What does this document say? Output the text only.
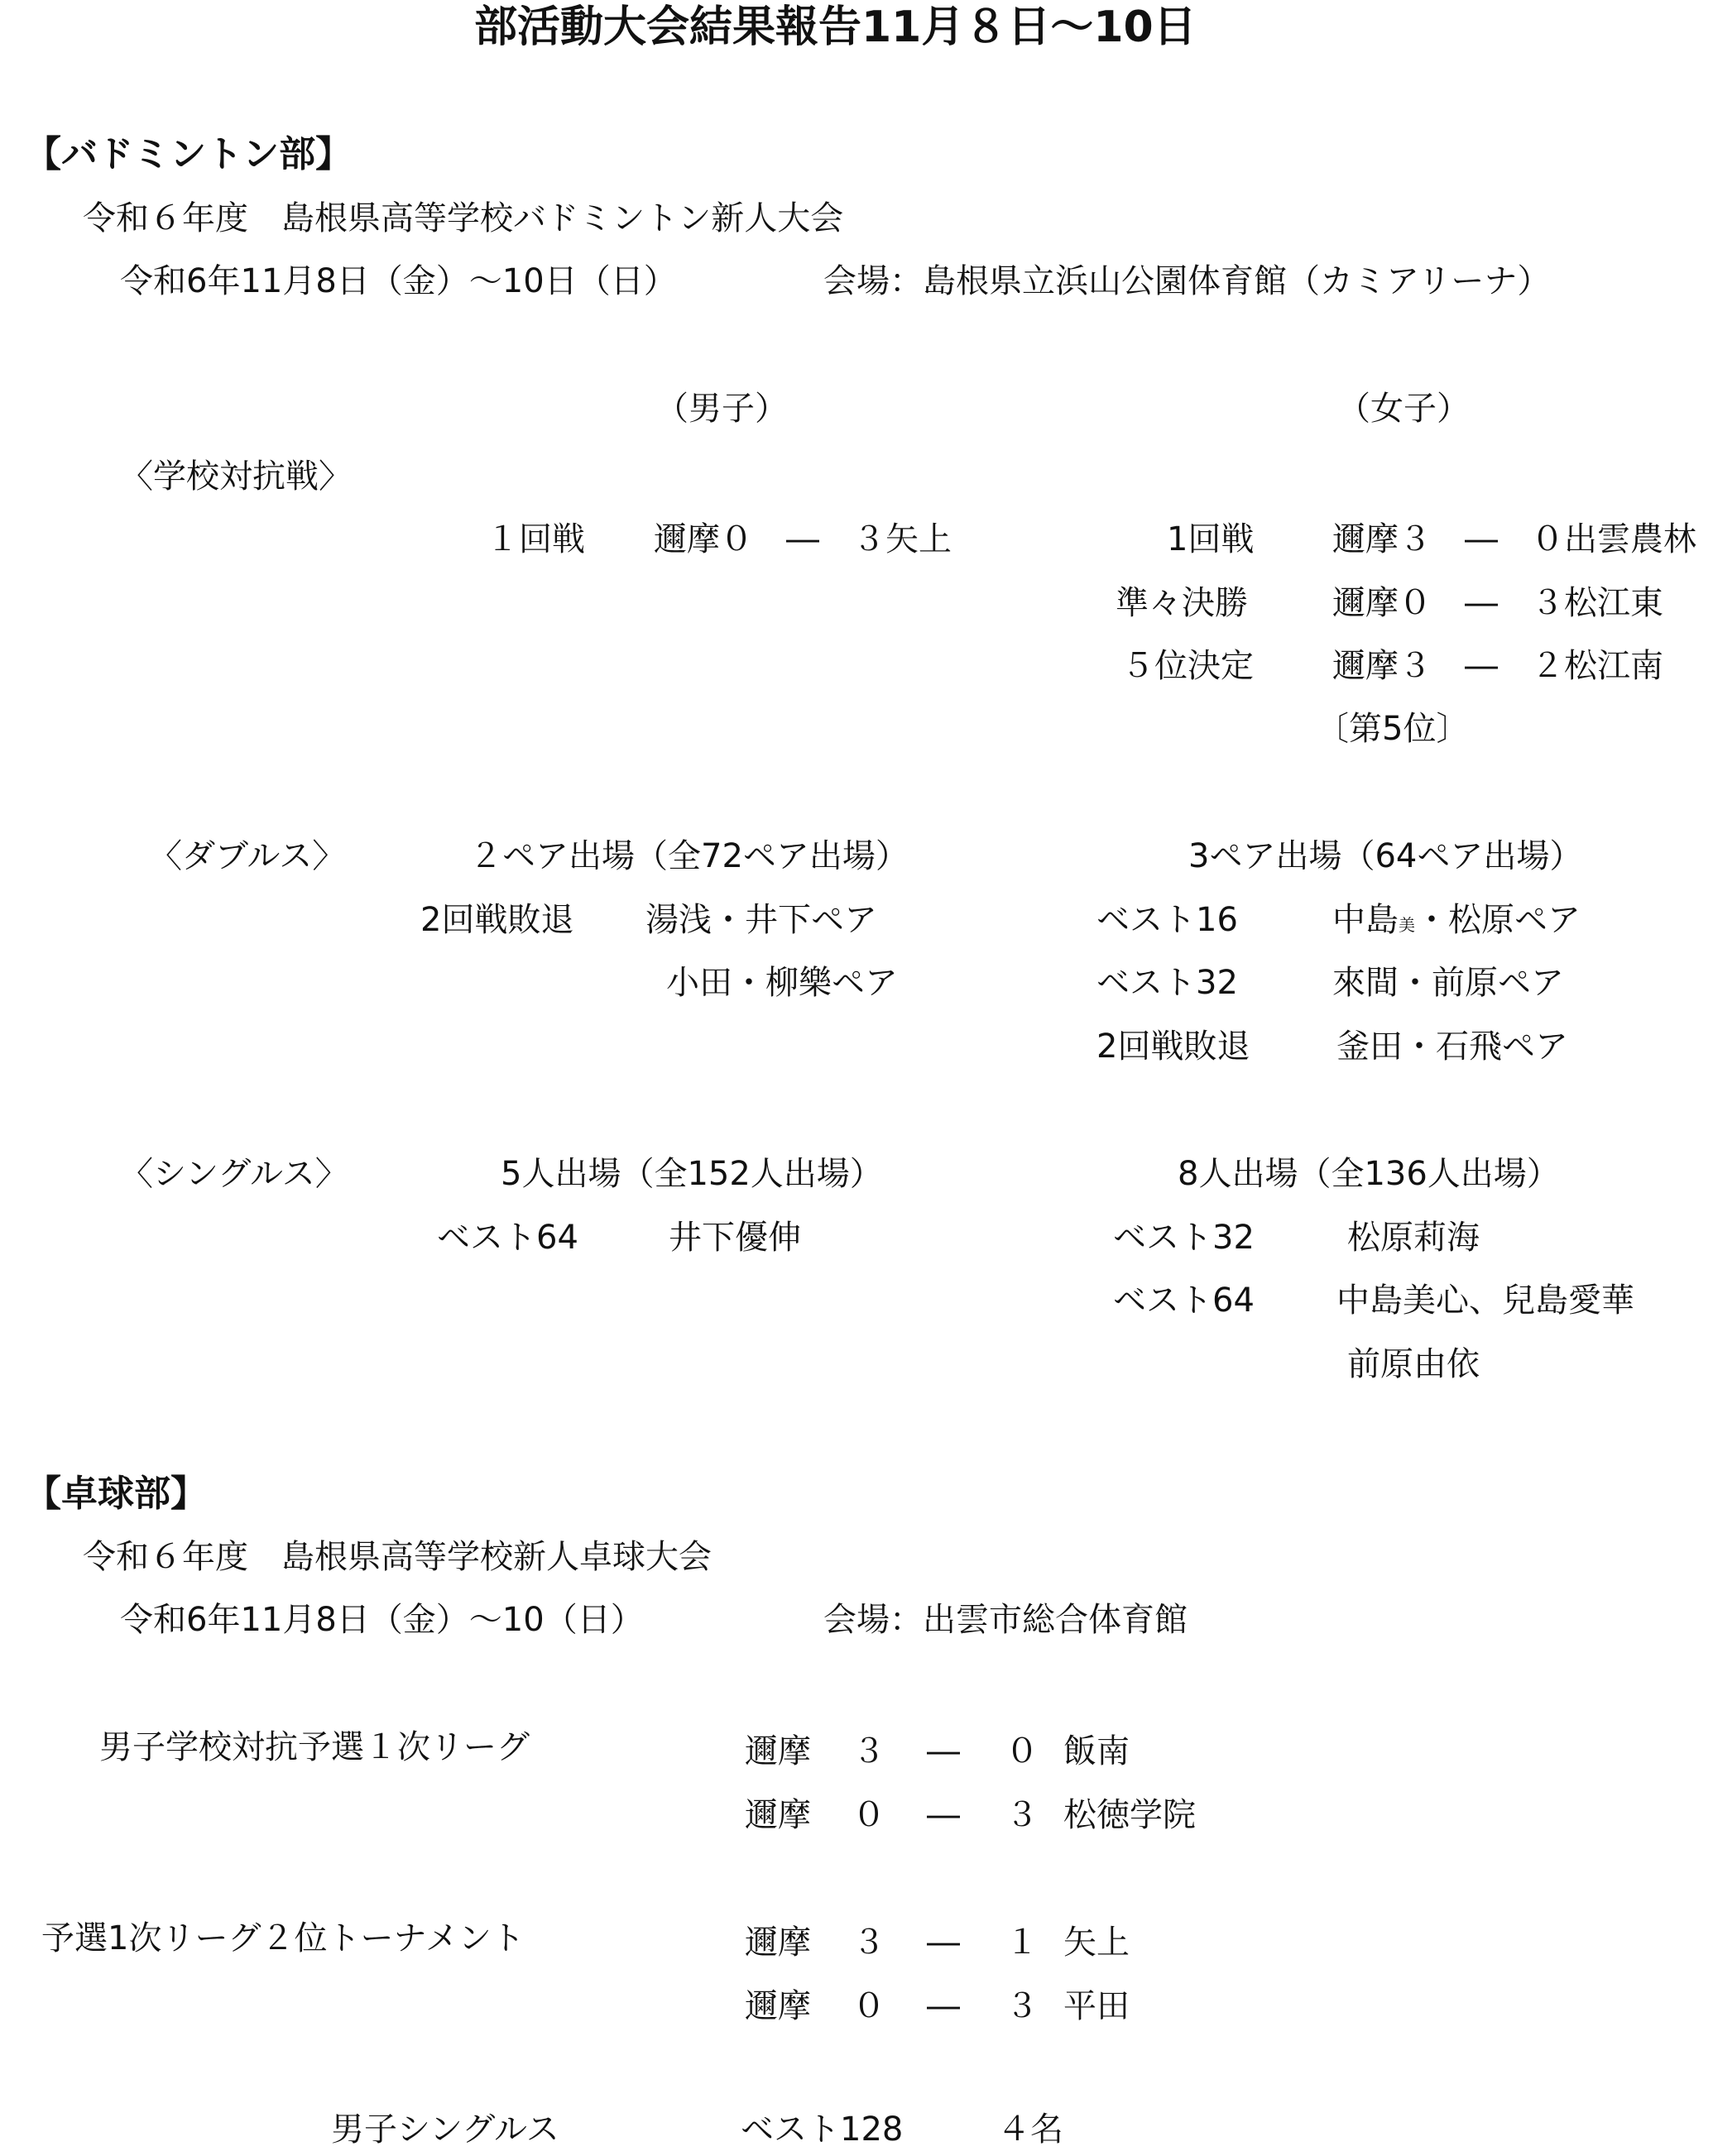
部活動大会結果報告11月８日～10日
【バドミントン部】
令和６年度　島根県高等学校バドミントン新人大会
令和6年11月8日（金）～10日（日）	会場：島根県立浜山公園体育館（カミアリーナ）
（男子）	（女子）
〈学校対抗戦〉
１回戦 邇摩０　―　３矢上	1回戦 邇摩３　―　０出雲農林
準々決勝	邇摩０　―　３松江東
５位決定 邇摩３　―　２松江南
〔第5位〕
〈ダブルス〉	２ペア出場（全72ペア出場）	3ペア出場（64ペア出場）
2回戦敗退 湯浅・井下ペア
小田・柳樂ペア
ベスト16	中島美・松原ペア
ベスト32	來間・前原ペア
2回戦敗退	釜田・石飛ペア
〈シングルス〉	5人出場（全152人出場）	8人出場（全136人出場）
ベスト64	井下優伸	ベスト32	松原莉海
ベスト64 中島美心、兒島愛華
前原由依
【卓球部】
令和６年度　島根県高等学校新人卓球大会
令和6年11月8日（金）～10（日）	会場：出雲市総合体育館
男子学校対抗予選１次リーグ	邇摩 ３ ― ０ 飯南
邇摩 ０ ― ３ 松徳学院
予選1次リーグ２位トーナメント	邇摩 ３ ― １ 矢上
邇摩 ０ ― ３ 平田
男子シングルス	ベスト128	４名
